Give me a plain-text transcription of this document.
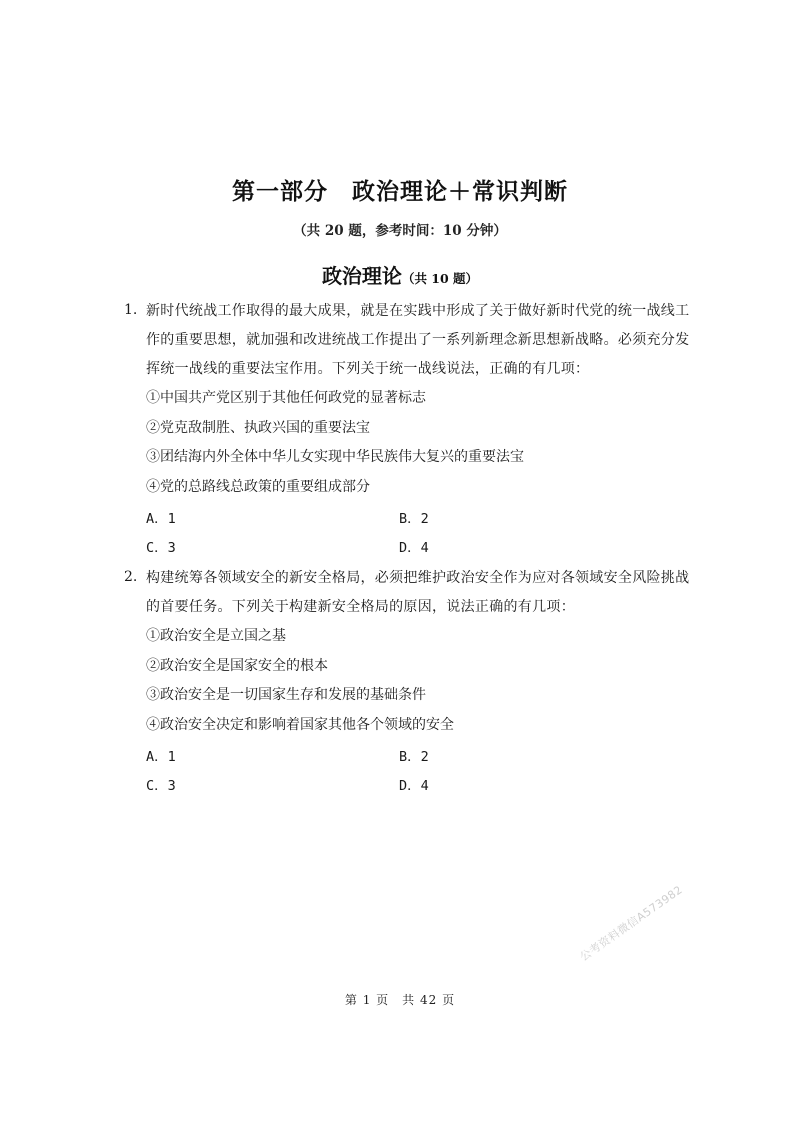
第一部分　政治理论＋常识判断
（共 20 题，参考时间：10 分钟）
政治理论（共 10 题）
1. 新时代统战工作取得的最大成果，就是在实践中形成了关于做好新时代党的统一战线工作的重要思想，就加强和改进统战工作提出了一系列新理念新思想新战略。必须充分发挥统一战线的重要法宝作用。下列关于统一战线说法，正确的有几项：
①中国共产党区别于其他任何政党的显著标志
②党克敌制胜、执政兴国的重要法宝
③团结海内外全体中华儿女实现中华民族伟大复兴的重要法宝
④党的总路线总政策的重要组成部分
A．1	B．2
C．3	D．4
2. 构建统筹各领域安全的新安全格局，必须把维护政治安全作为应对各领域安全风险挑战的首要任务。下列关于构建新安全格局的原因，说法正确的有几项：
①政治安全是立国之基
②政治安全是国家安全的根本
③政治安全是一切国家生存和发展的基础条件
④政治安全决定和影响着国家其他各个领域的安全
A．1	B．2
C．3	D．4
公考资料微信A573982
第 1 页　共 42 页
